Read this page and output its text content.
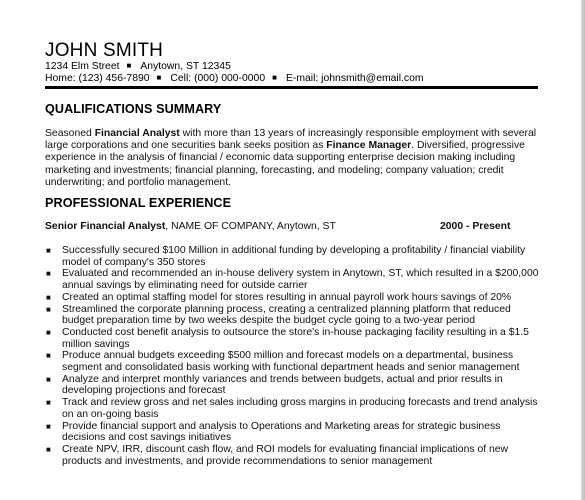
JOHN SMITH
1234 Elm Street ■ Anytown, ST 12345
Home: (123) 456-7890 ■ Cell: (000) 000-0000 ■ E-mail: johnsmith@email.com
QUALIFICATIONS SUMMARY
Seasoned Financial Analyst with more than 13 years of increasingly responsible employment with several large corporations and one securities bank seeks position as Finance Manager. Diversified, progressive experience in the analysis of financial / economic data supporting enterprise decision making including marketing and investments; financial planning, forecasting, and modeling; company valuation; credit underwriting; and portfolio management.
PROFESSIONAL EXPERIENCE
Senior Financial Analyst, NAME OF COMPANY, Anytown, ST	2000 - Present
■ Successfully secured $100 Million in additional funding by developing a profitability / financial viability model of company's 350 stores
■ Evaluated and recommended an in-house delivery system in Anytown, ST, which resulted in a $200,000 annual savings by eliminating need for outside carrier
■ Created an optimal staffing model for stores resulting in annual payroll work hours savings of 20%
■ Streamlined the corporate planning process, creating a centralized planning platform that reduced budget preparation time by two weeks despite the budget cycle going to a two-year period
■ Conducted cost benefit analysis to outsource the store's in-house packaging facility resulting in a $1.5 million savings
■ Produce annual budgets exceeding $500 million and forecast models on a departmental, business segment and consolidated basis working with functional department heads and senior management
■ Analyze and interpret monthly variances and trends between budgets, actual and prior results in developing projections and forecast
■ Track and review gross and net sales including gross margins in producing forecasts and trend analysis on an on-going basis
■ Provide financial support and analysis to Operations and Marketing areas for strategic business decisions and cost savings initiatives
■ Create NPV, IRR, discount cash flow, and ROI models for evaluating financial implications of new products and investments, and provide recommendations to senior management
